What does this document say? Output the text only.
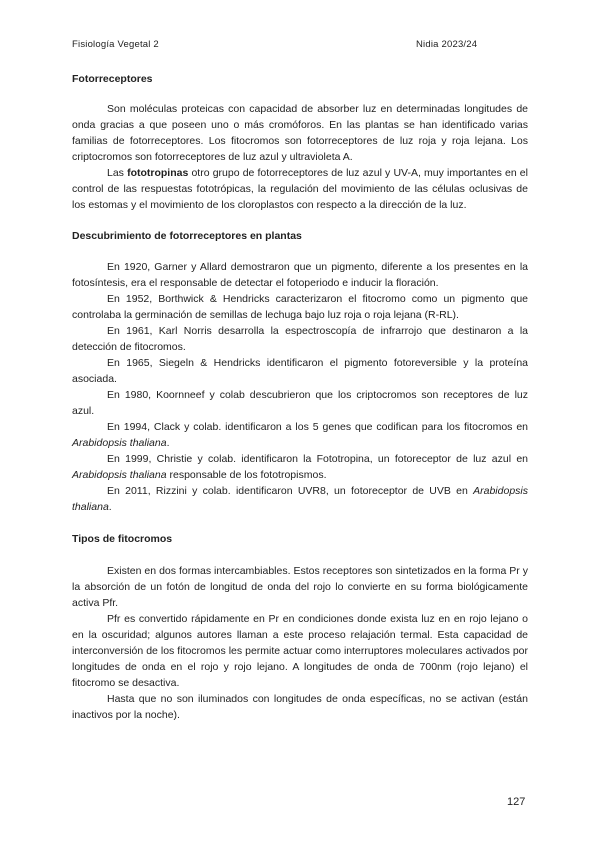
Fisiología Vegetal 2	Nidia 2023/24
Fotorreceptores

Son moléculas proteicas con capacidad de absorber luz en determinadas longitudes de onda gracias a que poseen uno o más cromóforos. En las plantas se han identificado varias familias de fotorreceptores. Los fitocromos son fotorreceptores de luz roja y roja lejana. Los criptocromos son fotorreceptores de luz azul y ultravioleta A.

Las fototropinas otro grupo de fotorreceptores de luz azul y UV-A, muy importantes en el control de las respuestas fototrópicas, la regulación del movimiento de las células oclusivas de los estomas y el movimiento de los cloroplastos con respecto a la dirección de la luz.

Descubrimiento de fotorreceptores en plantas

En 1920, Garner y Allard demostraron que un pigmento, diferente a los presentes en la fotosíntesis, era el responsable de detectar el fotoperiodo e inducir la floración.

En 1952, Borthwick & Hendricks caracterizaron el fitocromo como un pigmento que controlaba la germinación de semillas de lechuga bajo luz roja o roja lejana (R-RL).

En 1961, Karl Norris desarrolla la espectroscopía de infrarrojo que destinaron a la detección de fitocromos.

En 1965, Siegeln & Hendricks identificaron el pigmento fotoreversible y la proteína asociada.

En 1980, Koornneef y colab descubrieron que los criptocromos son receptores de luz azul.

En 1994, Clack y colab. identificaron a los 5 genes que codifican para los fitocromos en Arabidopsis thaliana.

En 1999, Christie y colab. identificaron la Fototropina, un fotoreceptor de luz azul en Arabidopsis thaliana responsable de los fototropismos.

En 2011, Rizzini y colab. identificaron UVR8, un fotoreceptor de UVB en Arabidopsis thaliana.

Tipos de fitocromos

Existen en dos formas intercambiables. Estos receptores son sintetizados en la forma Pr y la absorción de un fotón de longitud de onda del rojo lo convierte en su forma biológicamente activa Pfr.

Pfr es convertido rápidamente en Pr en condiciones donde exista luz en en rojo lejano o en la oscuridad; algunos autores llaman a este proceso relajación termal. Esta capacidad de interconversión de los fitocromos les permite actuar como interruptores moleculares activados por longitudes de onda en el rojo y rojo lejano. A longitudes de onda de 700nm (rojo lejano) el fitocromo se desactiva.

Hasta que no son iluminados con longitudes de onda específicas, no se activan (están inactivos por la noche).

127
